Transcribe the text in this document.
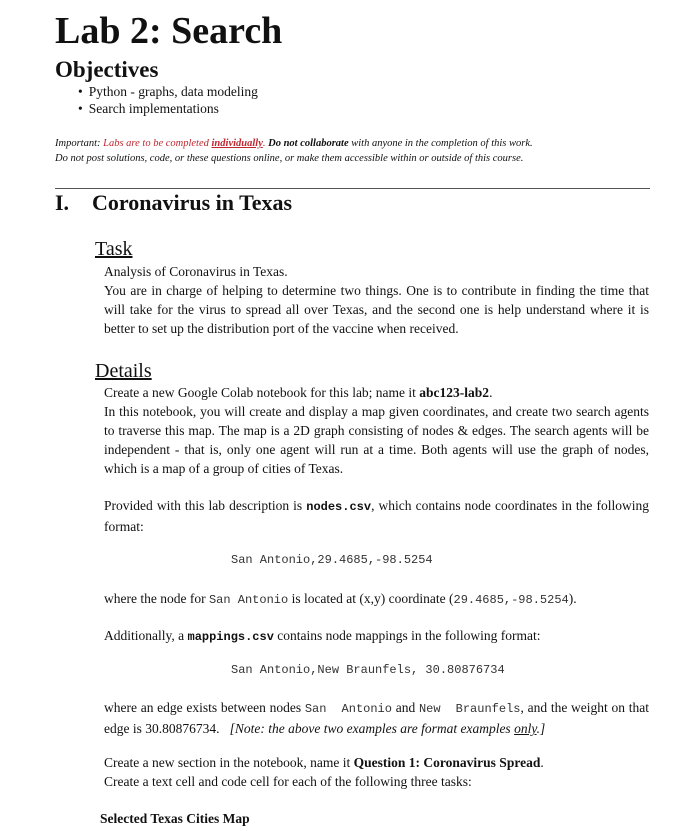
Lab 2: Search
Objectives
• Python - graphs, data modeling
• Search implementations
Important: Labs are to be completed individually. Do not collaborate with anyone in the completion of this work.
Do not post solutions, code, or these questions online, or make them accessible within or outside of this course.
I. Coronavirus in Texas
Task

Analysis of Coronavirus in Texas.

You are in charge of helping to determine two things. One is to contribute in finding the time that will take for the virus to spread all over Texas, and the second one is help understand where it is better to set up the distribution port of the vaccine when received.

Details

Create a new Google Colab notebook for this lab; name it abc123-lab2.

In this notebook, you will create and display a map given coordinates, and create two search agents to traverse this map. The map is a 2D graph consisting of nodes & edges. The search agents will be independent - that is, only one agent will run at a time. Both agents will use the graph of nodes, which is a map of a group of cities of Texas.

Provided with this lab description is nodes.csv, which contains node coordinates in the following format:

San Antonio,29.4685,-98.5254

where the node for San Antonio is located at (x,y) coordinate (29.4685,-98.5254).

Additionally, a mappings.csv contains node mappings in the following format:

San Antonio,New Braunfels, 30.80876734

where an edge exists between nodes San  Antonio and New  Braunfels, and the weight on that edge is 30.80876734.   [Note: the above two examples are format examples only.]

Create a new section in the notebook, name it Question 1: Coronavirus Spread.

Create a text cell and code cell for each of the following three tasks:

Selected Texas Cities Map
